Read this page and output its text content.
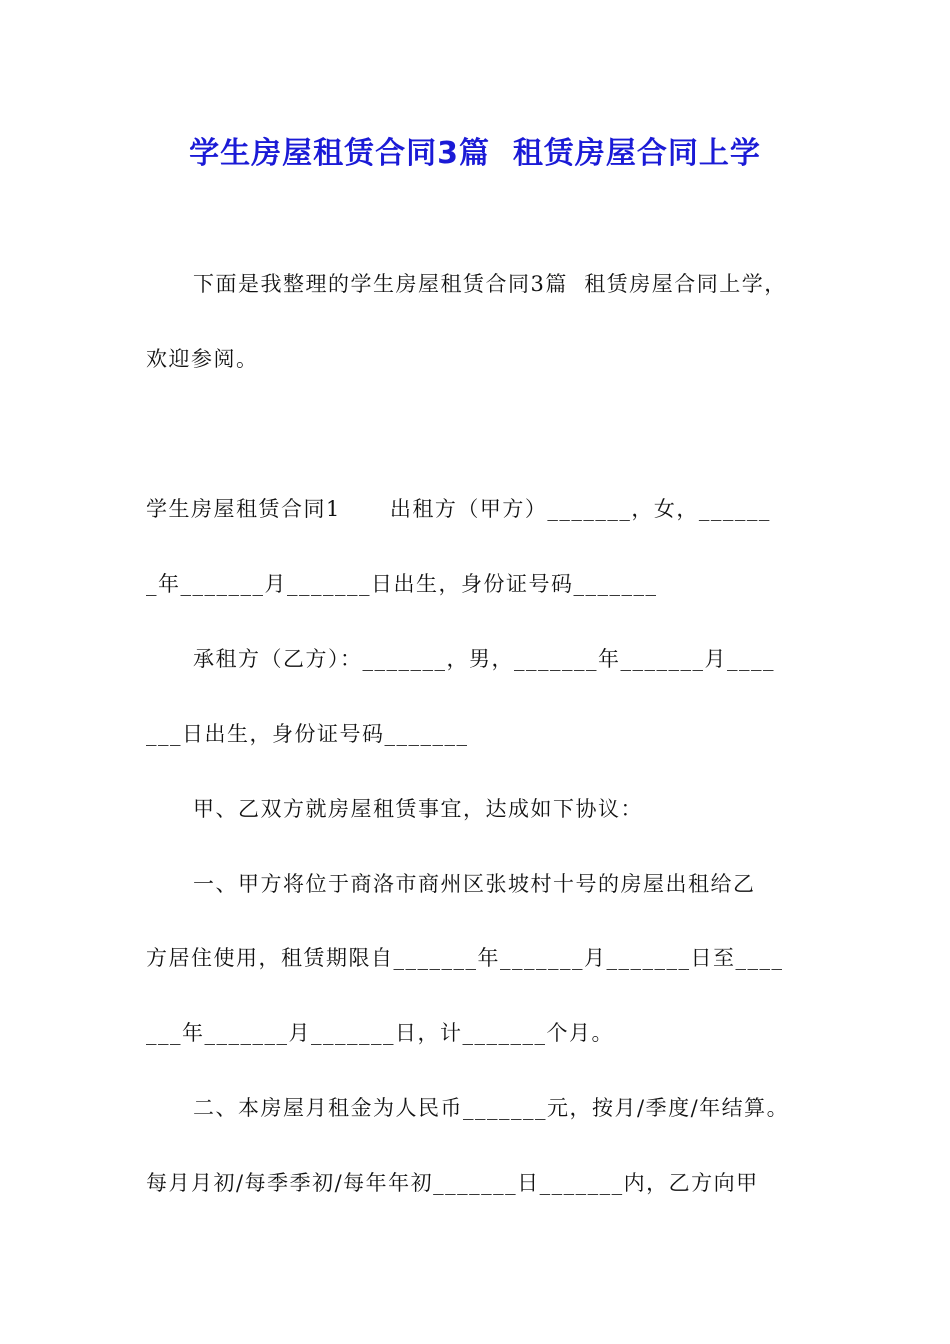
学生房屋租赁合同3篇  租赁房屋合同上学
下面是我整理的学生房屋租赁合同3篇  租赁房屋合同上学，
欢迎参阅。
学生房屋租赁合同1      出租方（甲方）_______，女，______
_年_______月_______日出生，身份证号码_______
承租方（乙方）：_______，男，_______年_______月____
___日出生，身份证号码_______
甲、乙双方就房屋租赁事宜，达成如下协议：
一、甲方将位于商洛市商州区张坡村十号的房屋出租给乙
方居住使用，租赁期限自_______年_______月_______日至____
___年_______月_______日，计_______个月。
二、本房屋月租金为人民币_______元，按月/季度/年结算。
每月月初/每季季初/每年年初_______日_______内，乙方向甲
